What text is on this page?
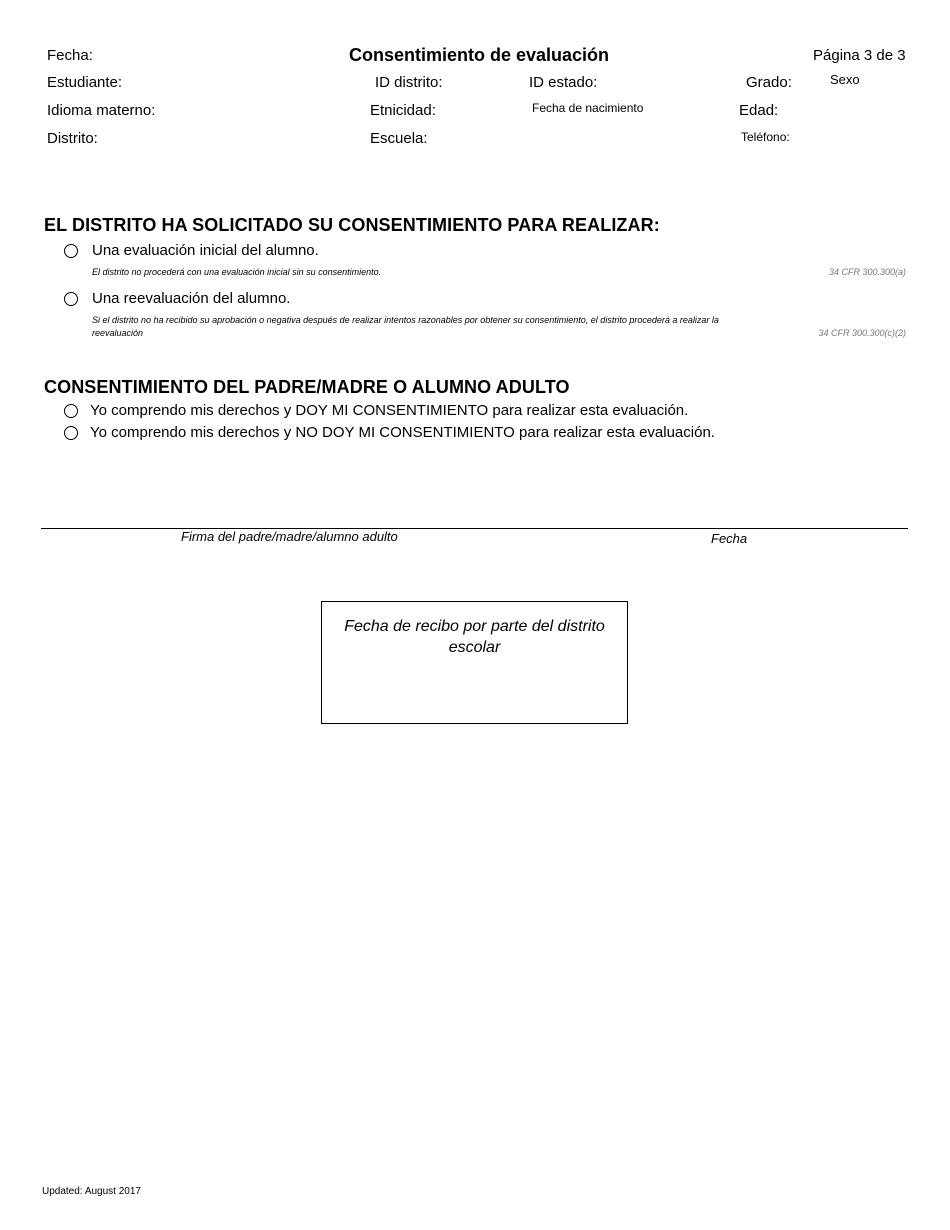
Fecha:	Consentimiento de evaluación	Página 3 de 3
Estudiante:	ID distrito:	ID estado:	Grado:	Sexo
Idioma materno:	Etnicidad:	Fecha de nacimiento	Edad:
Distrito:	Escuela:	Teléfono:
EL DISTRITO HA SOLICITADO SU CONSENTIMIENTO PARA REALIZAR:
Una evaluación inicial del alumno.
El distrito no procederá con una evaluación inicial sin su consentimiento.	34 CFR 300.300(a)
Una reevaluación del alumno.
Si el distrito no ha recibido su aprobación o negativa después de realizar intentos razonables por obtener su consentimiento, el distrito procederá a realizar la
reevaluación	34 CFR 300.300(c)(2)
CONSENTIMIENTO DEL PADRE/MADRE O ALUMNO ADULTO
Yo comprendo mis derechos y DOY MI CONSENTIMIENTO para realizar esta evaluación.
Yo comprendo mis derechos y NO DOY MI CONSENTIMIENTO para realizar esta evaluación.
Firma del padre/madre/alumno adulto	Fecha
Fecha de recibo por parte del distrito escolar
Updated: August 2017
